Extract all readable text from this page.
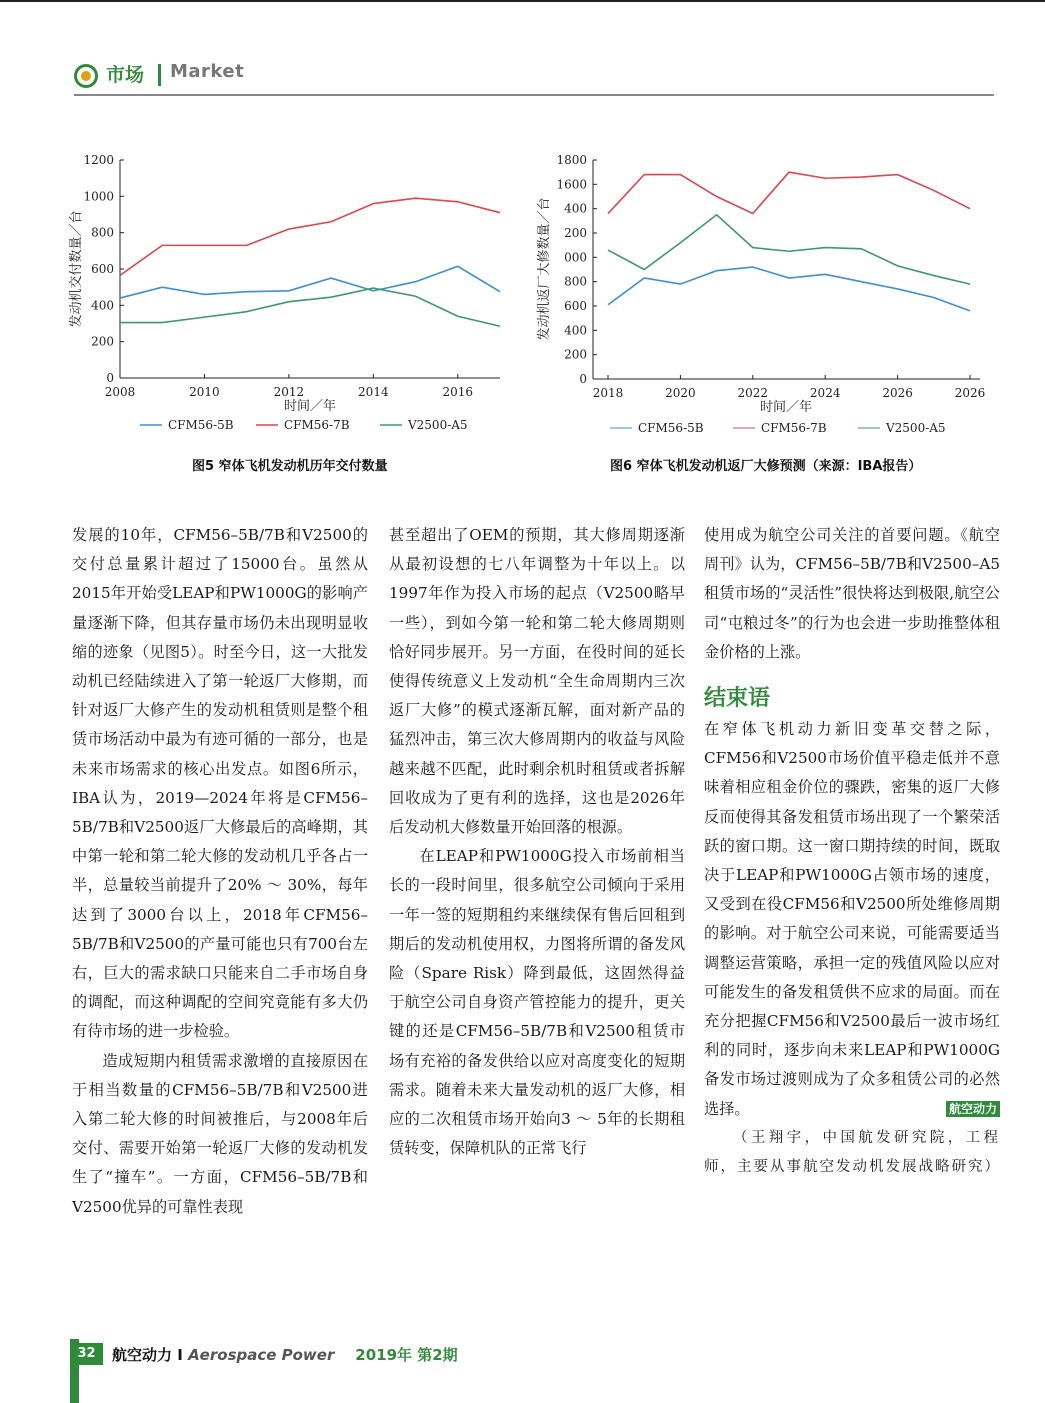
市场 Market
0
200
400
600
800
1000
1200
2008	2010	2012	2014	2016
发动机交付数量／台
时间／年
CFM56-5B	CFM56-7B	V2500-A5
0
200
400
600
800
000
200
400
1600
1800
2018	2020	2022	2024	2026	2026
发动机返厂大修数量／台
时间／年
CFM56-5B	CFM56-7B	V2500-A5
图5 窄体飞机发动机历年交付数量	图6 窄体飞机发动机返厂大修预测（来源：IBA报告）

发展的10年，CFM56–5B/7B和V2500的交付总量累计超过了15000台。虽然从2015年开始受LEAP和PW1000G的影响产量逐渐下降，但其存量市场仍未出现明显收缩的迹象（见图5）。时至今日，这一大批发动机已经陆续进入了第一轮返厂大修期，而针对返厂大修产生的发动机租赁则是整个租赁市场活动中最为有迹可循的一部分，也是未来市场需求的核心出发点。如图6所示，IBA认为，2019—2024年将是CFM56–5B/7B和V2500返厂大修最后的高峰期，其中第一轮和第二轮大修的发动机几乎各占一半，总量较当前提升了20% ～ 30%，每年达到了3000台以上，2018年CFM56–5B/7B和V2500的产量可能也只有700台左右，巨大的需求缺口只能来自二手市场自身的调配，而这种调配的空间究竟能有多大仍有待市场的进一步检验。

造成短期内租赁需求激增的直接原因在于相当数量的CFM56–5B/7B和V2500进入第二轮大修的时间被推后，与2008年后交付、需要开始第一轮返厂大修的发动机发生了“撞车”。一方面，CFM56–5B/7B和V2500优异的可靠性表现

甚至超出了OEM的预期，其大修周期逐渐从最初设想的七八年调整为十年以上。以1997年作为投入市场的起点（V2500略早一些），到如今第一轮和第二轮大修周期则恰好同步展开。另一方面，在役时间的延长使得传统意义上发动机“全生命周期内三次返厂大修”的模式逐渐瓦解，面对新产品的猛烈冲击，第三次大修周期内的收益与风险越来越不匹配，此时剩余机时租赁或者拆解回收成为了更有利的选择，这也是2026年后发动机大修数量开始回落的根源。

在LEAP和PW1000G投入市场前相当长的一段时间里，很多航空公司倾向于采用一年一签的短期租约来继续保有售后回租到期后的发动机使用权，力图将所谓的备发风险（Spare Risk）降到最低，这固然得益于航空公司自身资产管控能力的提升，更关键的还是CFM56–5B/7B和V2500租赁市场有充裕的备发供给以应对高度变化的短期需求。随着未来大量发动机的返厂大修，相应的二次租赁市场开始向3 ～ 5年的长期租赁转变，保障机队的正常飞行

使用成为航空公司关注的首要问题。《航空周刊》认为，CFM56–5B/7B和V2500–A5租赁市场的“灵活性”很快将达到极限,航空公司“屯粮过冬”的行为也会进一步助推整体租金价格的上涨。

结束语

在窄体飞机动力新旧变革交替之际，CFM56和V2500市场价值平稳走低并不意味着相应租金价位的骤跌，密集的返厂大修反而使得其备发租赁市场出现了一个繁荣活跃的窗口期。这一窗口期持续的时间，既取决于LEAP和PW1000G占领市场的速度，又受到在役CFM56和V2500所处维修周期的影响。对于航空公司来说，可能需要适当调整运营策略，承担一定的残值风险以应对可能发生的备发租赁供不应求的局面。而在充分把握CFM56和V2500最后一波市场红利的同时，逐步向未来LEAP和PW1000G备发市场过渡则成为了众多租赁公司的必然选择。	航空动力

（王翔宇，中国航发研究院，工程师，主要从事航空发动机发展战略研究）

32	航空动力 I Aerospace Power 2019年 第2期
